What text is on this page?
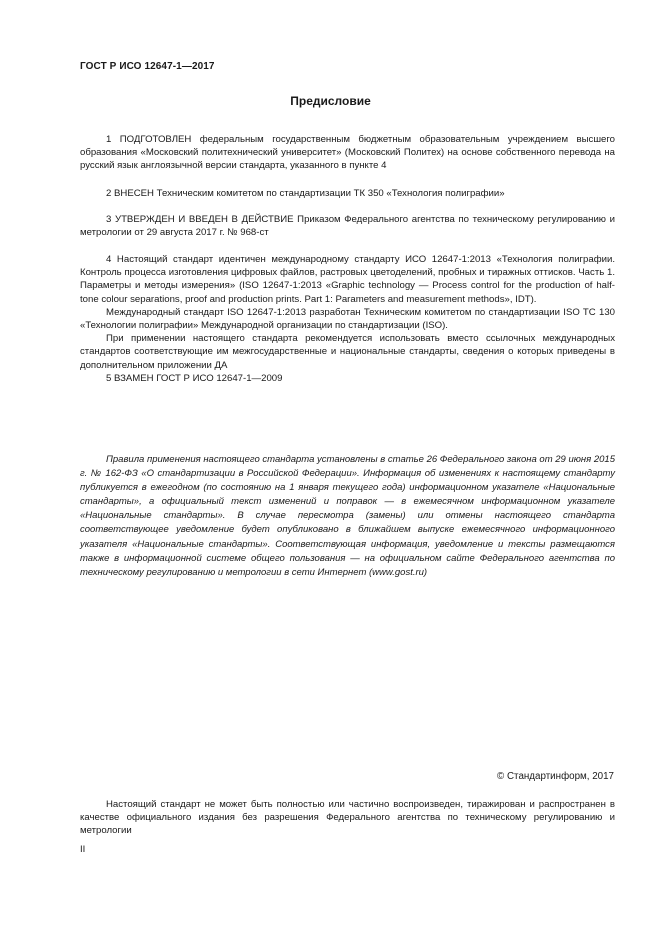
ГОСТ Р ИСО 12647-1—2017
Предисловие

1 ПОДГОТОВЛЕН федеральным государственным бюджетным образовательным учреждением высшего образования «Московский политехнический университет» (Московский Политех) на основе собственного перевода на русский язык англоязычной версии стандарта, указанного в пункте 4

2 ВНЕСЕН Техническим комитетом по стандартизации ТК 350 «Технология полиграфии»

3 УТВЕРЖДЕН И ВВЕДЕН В ДЕЙСТВИЕ Приказом Федерального агентства по техническому регулированию и метрологии от 29 августа 2017 г. № 968-ст

4 Настоящий стандарт идентичен международному стандарту ИСО 12647-1:2013 «Технология полиграфии. Контроль процесса изготовления цифровых файлов, растровых цветоделений, пробных и тиражных оттисков. Часть 1. Параметры и методы измерения» (ISO 12647-1:2013 «Graphic technology — Process control for the production of half-tone colour separations, proof and production prints. Part 1: Parameters and measurement methods», IDT).

Международный стандарт ISO 12647-1:2013 разработан Техническим комитетом по стандартизации ISO TC 130 «Технологии полиграфии» Международной организации по стандартизации (ISO).

При применении настоящего стандарта рекомендуется использовать вместо ссылочных международных стандартов соответствующие им межгосударственные и национальные стандарты, сведения о которых приведены в дополнительном приложении ДА

5 ВЗАМЕН ГОСТ Р ИСО 12647-1—2009

Правила применения настоящего стандарта установлены в статье 26 Федерального закона от 29 июня 2015 г. № 162-ФЗ «О стандартизации в Российской Федерации». Информация об изменениях к настоящему стандарту публикуется в ежегодном (по состоянию на 1 января текущего года) информационном указателе «Национальные стандарты», а официальный текст изменений и поправок — в ежемесячном информационном указателе «Национальные стандарты». В случае пересмотра (замены) или отмены настоящего стандарта соответствующее уведомление будет опубликовано в ближайшем выпуске ежемесячного информационного указателя «Национальные стандарты». Соответствующая информация, уведомление и тексты размещаются также в информационной системе общего пользования — на официальном сайте Федерального агентства по техническому регулированию и метрологии в сети Интернет (www.gost.ru)
© Стандартинформ, 2017
Настоящий стандарт не может быть полностью или частично воспроизведен, тиражирован и распространен в качестве официального издания без разрешения Федерального агентства по техническому регулированию и метрологии
II
